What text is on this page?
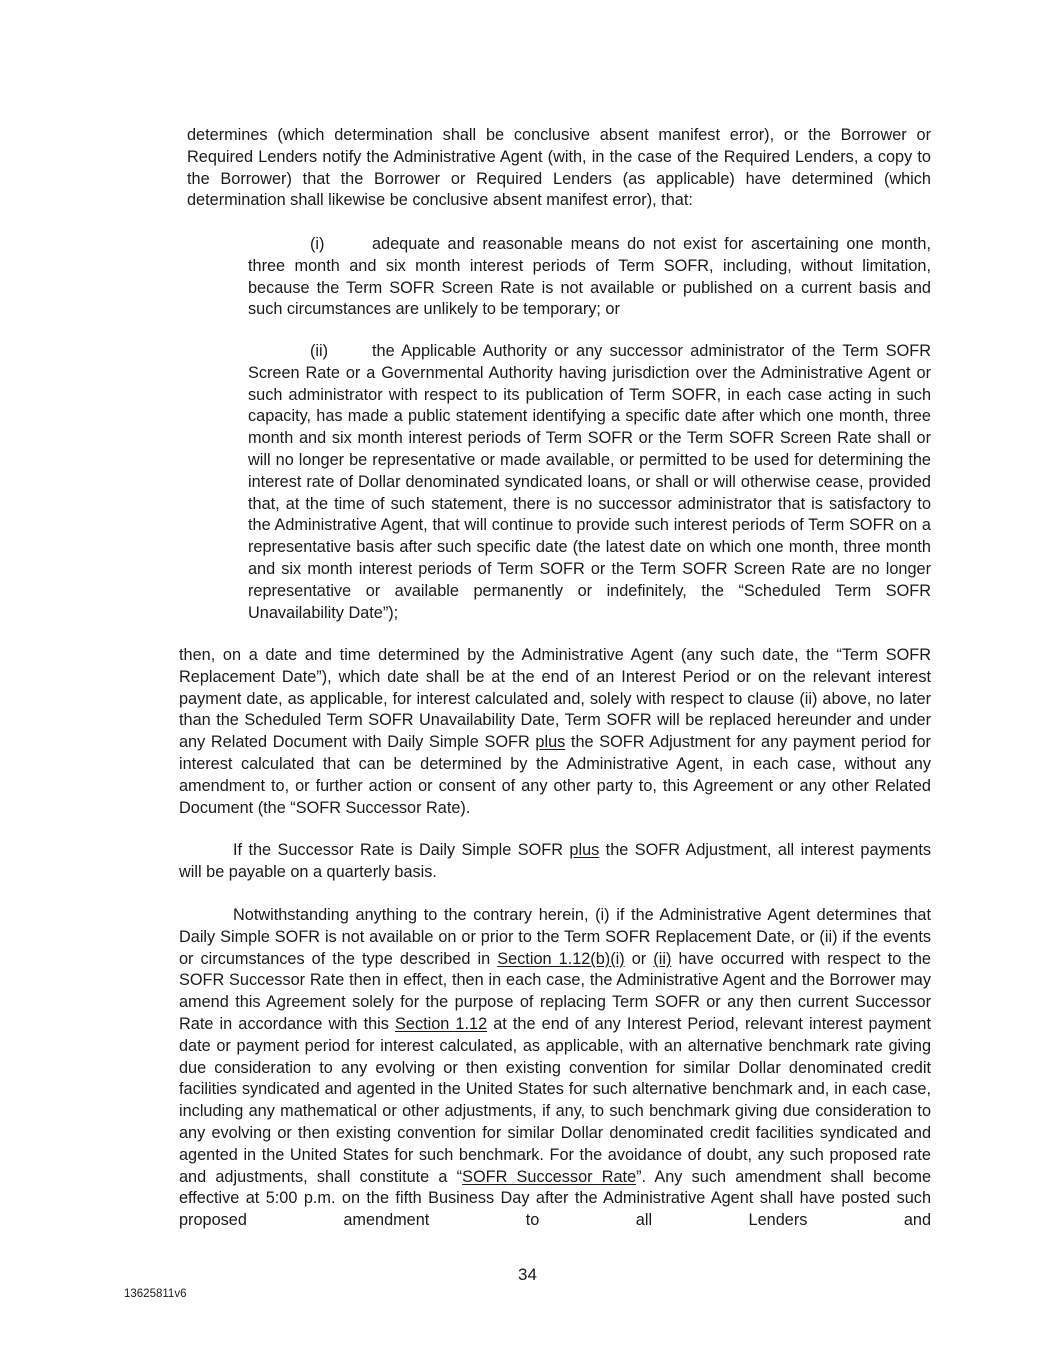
determines (which determination shall be conclusive absent manifest error), or the Borrower or Required Lenders notify the Administrative Agent (with, in the case of the Required Lenders, a copy to the Borrower) that the Borrower or Required Lenders (as applicable) have determined (which determination shall likewise be conclusive absent manifest error), that:

(i)	adequate and reasonable means do not exist for ascertaining one month, three month and six month interest periods of Term SOFR, including, without limitation, because the Term SOFR Screen Rate is not available or published on a current basis and such circumstances are unlikely to be temporary; or

(ii)	the Applicable Authority or any successor administrator of the Term SOFR Screen Rate or a Governmental Authority having jurisdiction over the Administrative Agent or such administrator with respect to its publication of Term SOFR, in each case acting in such capacity, has made a public statement identifying a specific date after which one month, three month and six month interest periods of Term SOFR or the Term SOFR Screen Rate shall or will no longer be representative or made available, or permitted to be used for determining the interest rate of Dollar denominated syndicated loans, or shall or will otherwise cease, provided that, at the time of such statement, there is no successor administrator that is satisfactory to the Administrative Agent, that will continue to provide such interest periods of Term SOFR on a representative basis after such specific date (the latest date on which one month, three month and six month interest periods of Term SOFR or the Term SOFR Screen Rate are no longer representative or available permanently or indefinitely, the “Scheduled Term SOFR Unavailability Date”);

then, on a date and time determined by the Administrative Agent (any such date, the “Term SOFR Replacement Date”), which date shall be at the end of an Interest Period or on the relevant interest payment date, as applicable, for interest calculated and, solely with respect to clause (ii) above, no later than the Scheduled Term SOFR Unavailability Date, Term SOFR will be replaced hereunder and under any Related Document with Daily Simple SOFR plus the SOFR Adjustment for any payment period for interest calculated that can be determined by the Administrative Agent, in each case, without any amendment to, or further action or consent of any other party to, this Agreement or any other Related Document (the “SOFR Successor Rate).

If the Successor Rate is Daily Simple SOFR plus the SOFR Adjustment, all interest payments will be payable on a quarterly basis.

Notwithstanding anything to the contrary herein, (i) if the Administrative Agent determines that Daily Simple SOFR is not available on or prior to the Term SOFR Replacement Date, or (ii) if the events or circumstances of the type described in Section 1.12(b)(i) or (ii) have occurred with respect to the SOFR Successor Rate then in effect, then in each case, the Administrative Agent and the Borrower may amend this Agreement solely for the purpose of replacing Term SOFR or any then current Successor Rate in accordance with this Section 1.12 at the end of any Interest Period, relevant interest payment date or payment period for interest calculated, as applicable, with an alternative benchmark rate giving due consideration to any evolving or then existing convention for similar Dollar denominated credit facilities syndicated and agented in the United States for such alternative benchmark and, in each case, including any mathematical or other adjustments, if any, to such benchmark giving due consideration to any evolving or then existing convention for similar Dollar denominated credit facilities syndicated and agented in the United States for such benchmark. For the avoidance of doubt, any such proposed rate and adjustments, shall constitute a “SOFR Successor Rate”. Any such amendment shall become effective at 5:00 p.m. on the fifth Business Day after the Administrative Agent shall have posted such proposed amendment to all Lenders and

34

13625811v6
